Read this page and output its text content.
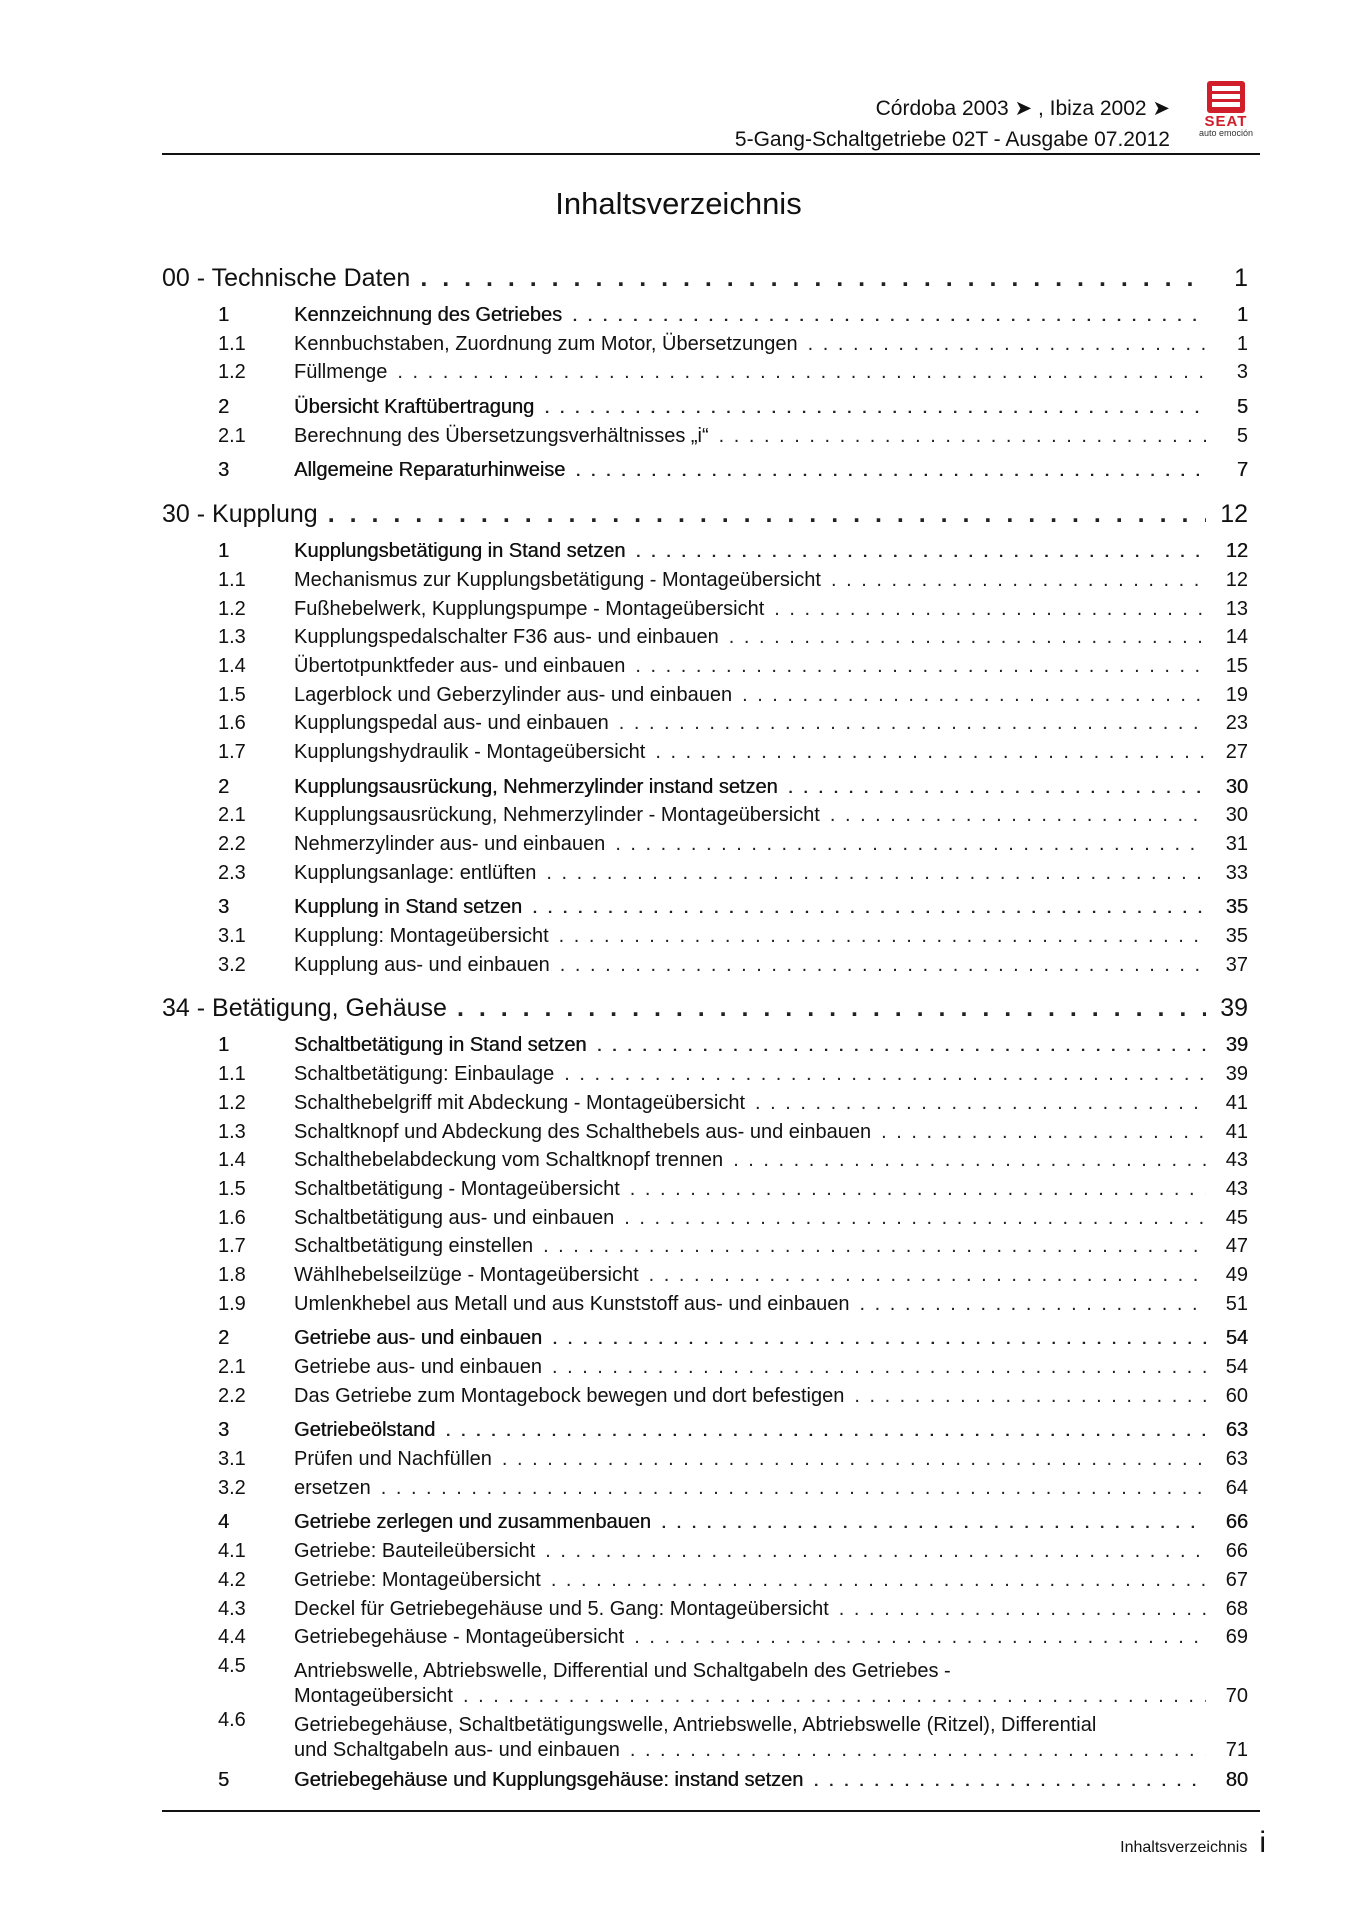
Córdoba 2003 ➤ , Ibiza 2002 ➤
5-Gang-Schaltgetriebe 02T - Ausgabe 07.2012
SEAT
auto emoción
Inhaltsverzeichnis
00 - Technische Daten . . .	1
1	Kennzeichnung des Getriebes . . .	1
1.1	Kennbuchstaben, Zuordnung zum Motor, Übersetzungen . . .	1
1.2	Füllmenge . . .	3
2	Übersicht Kraftübertragung . . .	5
2.1	Berechnung des Übersetzungsverhältnisses „i“ . . .	5
3	Allgemeine Reparaturhinweise . . .	7
30 - Kupplung . . .	12
1	Kupplungsbetätigung in Stand setzen . . .	12
1.1	Mechanismus zur Kupplungsbetätigung - Montageübersicht . . .	12
1.2	Fußhebelwerk, Kupplungspumpe - Montageübersicht . . .	13
1.3	Kupplungspedalschalter F36 aus- und einbauen . . .	14
1.4	Übertotpunktfeder aus- und einbauen . . .	15
1.5	Lagerblock und Geberzylinder aus- und einbauen . . .	19
1.6	Kupplungspedal aus- und einbauen . . .	23
1.7	Kupplungshydraulik - Montageübersicht . . .	27
2	Kupplungsausrückung, Nehmerzylinder instand setzen . . .	30
2.1	Kupplungsausrückung, Nehmerzylinder - Montageübersicht . . .	30
2.2	Nehmerzylinder aus- und einbauen . . .	31
2.3	Kupplungsanlage: entlüften . . .	33
3	Kupplung in Stand setzen . . .	35
3.1	Kupplung: Montageübersicht . . .	35
3.2	Kupplung aus- und einbauen . . .	37
34 - Betätigung, Gehäuse . . .	39
1	Schaltbetätigung in Stand setzen . . .	39
1.1	Schaltbetätigung: Einbaulage . . .	39
1.2	Schalthebelgriff mit Abdeckung - Montageübersicht . . .	41
1.3	Schaltknopf und Abdeckung des Schalthebels aus- und einbauen . . .	41
1.4	Schalthebelabdeckung vom Schaltknopf trennen . . .	43
1.5	Schaltbetätigung - Montageübersicht . . .	43
1.6	Schaltbetätigung aus- und einbauen . . .	45
1.7	Schaltbetätigung einstellen . . .	47
1.8	Wählhebelseilzüge - Montageübersicht . . .	49
1.9	Umlenkhebel aus Metall und aus Kunststoff aus- und einbauen . . .	51
2	Getriebe aus- und einbauen . . .	54
2.1	Getriebe aus- und einbauen . . .	54
2.2	Das Getriebe zum Montagebock bewegen und dort befestigen . . .	60
3	Getriebeölstand . . .	63
3.1	Prüfen und Nachfüllen . . .	63
3.2	ersetzen . . .	64
4	Getriebe zerlegen und zusammenbauen . . .	66
4.1	Getriebe: Bauteileübersicht . . .	66
4.2	Getriebe: Montageübersicht . . .	67
4.3	Deckel für Getriebegehäuse und 5. Gang: Montageübersicht . . .	68
4.4	Getriebegehäuse - Montageübersicht . . .	69
4.5	Antriebswelle, Abtriebswelle, Differential und Schaltgabeln des Getriebes -
Montageübersicht . . .	70
4.6	Getriebegehäuse, Schaltbetätigungswelle, Antriebswelle, Abtriebswelle (Ritzel), Differential
und Schaltgabeln aus- und einbauen . . .	71
5	Getriebegehäuse und Kupplungsgehäuse: instand setzen . . .	80
Inhaltsverzeichnis i
